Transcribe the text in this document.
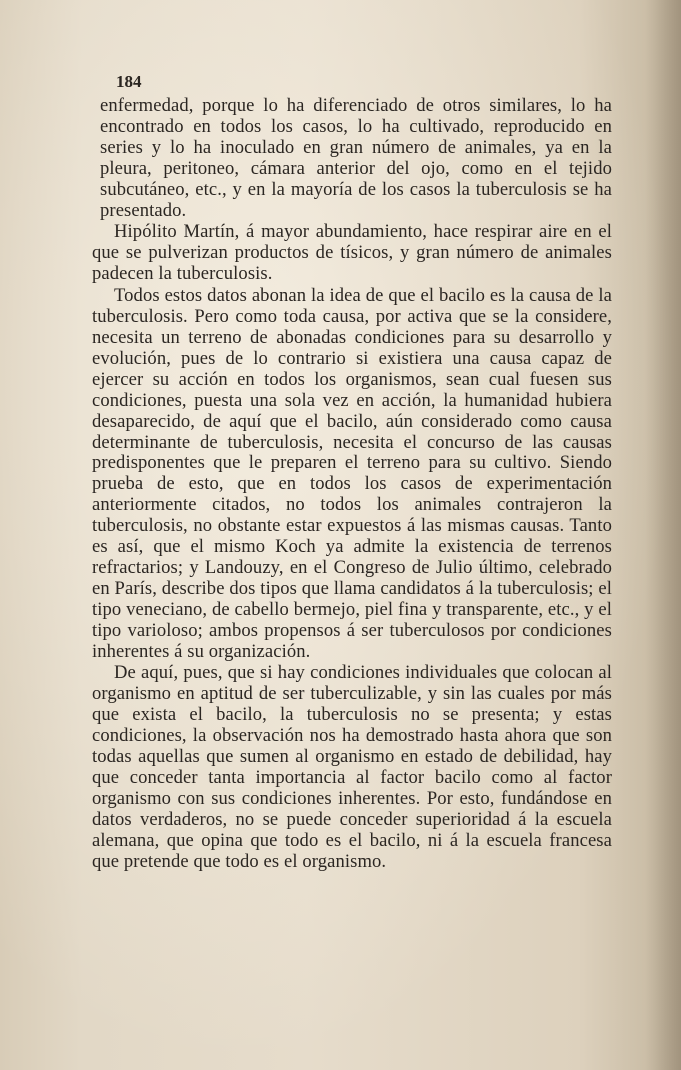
184

enfermedad, porque lo ha diferenciado de otros similares, lo ha encontrado en todos los casos, lo ha cultivado, reproducido en series y lo ha inoculado en gran número de animales, ya en la pleura, peritoneo, cámara anterior del ojo, como en el tejido subcutáneo, etc., y en la mayoría de los casos la tuberculosis se ha presentado.

Hipólito Martín, á mayor abundamiento, hace respirar aire en el que se pulverizan productos de tísicos, y gran número de animales padecen la tuberculosis.

Todos estos datos abonan la idea de que el bacilo es la causa de la tuberculosis. Pero como toda causa, por activa que se la considere, necesita un terreno de abonadas condiciones para su desarrollo y evolución, pues de lo contrario si existiera una causa capaz de ejercer su acción en todos los organismos, sean cual fuesen sus condiciones, puesta una sola vez en acción, la humanidad hubiera desaparecido, de aquí que el bacilo, aún considerado como causa determinante de tuberculosis, necesita el concurso de las causas predisponentes que le preparen el terreno para su cultivo. Siendo prueba de esto, que en todos los casos de experimentación anteriormente citados, no todos los animales contrajeron la tuberculosis, no obstante estar expuestos á las mismas causas. Tanto es así, que el mismo Koch ya admite la existencia de terrenos refractarios; y Landouzy, en el Congreso de Julio último, celebrado en París, describe dos tipos que llama candidatos á la tuberculosis; el tipo veneciano, de cabello bermejo, piel fina y transparente, etc., y el tipo varioloso; ambos propensos á ser tuberculosos por condiciones inherentes á su organización.

De aquí, pues, que si hay condiciones individuales que colocan al organismo en aptitud de ser tuberculizable, y sin las cuales por más que exista el bacilo, la tuberculosis no se presenta; y estas condiciones, la observación nos ha demostrado hasta ahora que son todas aquellas que sumen al organismo en estado de debilidad, hay que conceder tanta importancia al factor bacilo como al factor organismo con sus condiciones inherentes. Por esto, fundándose en datos verdaderos, no se puede conceder superioridad á la escuela alemana, que opina que todo es el bacilo, ni á la escuela francesa que pretende que todo es el organismo.
